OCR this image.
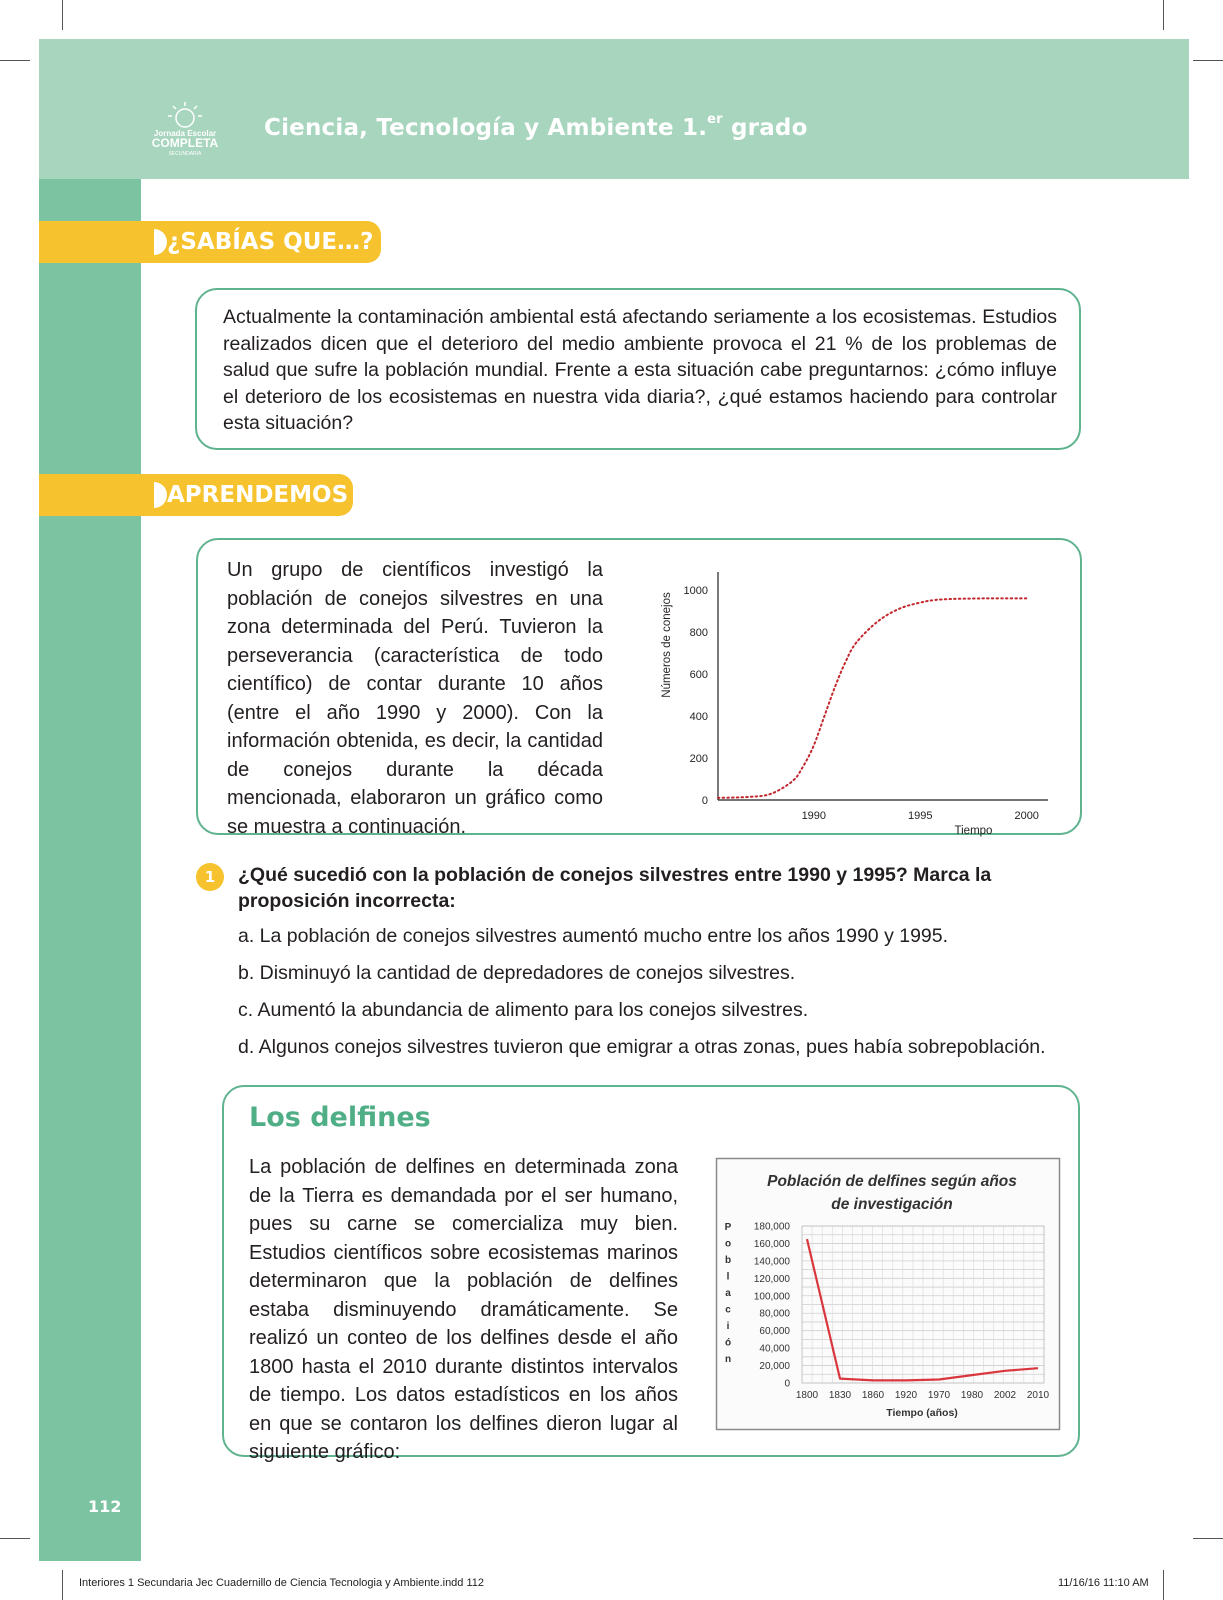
Jornada Escolar
COMPLETA
SECUNDARIA
Ciencia, Tecnología y Ambiente 1.$^{er}$ grado
112
¿SABÍAS QUE…?

Actualmente la contaminación ambiental está afectando seriamente a los ecosistemas. Estudios realizados dicen que el deterioro del medio ambiente provoca el 21 % de los problemas de salud que sufre la población mundial. Frente a esta situación cabe preguntarnos: ¿cómo influye el deterioro de los ecosistemas en nuestra vida diaria?, ¿qué estamos haciendo para controlar esta situación?

APRENDEMOS

Un grupo de científicos investigó la población de conejos silvestres en una zona determinada del Perú. Tuvieron la perseverancia (característica de todo científico) de contar durante 10 años (entre el año 1990 y 2000). Con la información obtenida, es decir, la cantidad de conejos durante la década mencionada, elaboraron un gráfico como se muestra a continuación.

0
200
400
600
800
1000
1990	1995	2000
Tiempo
Números de conejos
1	¿Qué sucedió con la población de conejos silvestres entre 1990 y 1995? Marca la proposición incorrecta:
a. La población de conejos silvestres aumentó mucho entre los años 1990 y 1995.
b. Disminuyó la cantidad de depredadores de conejos silvestres.
c. Aumentó la abundancia de alimento para los conejos silvestres.
d. Algunos conejos silvestres tuvieron que emigrar a otras zonas, pues había sobrepoblación.
Los delfines

La población de delfines en determinada zona de la Tierra es demandada por el ser humano, pues su carne se comercializa muy bien. Estudios científicos sobre ecosistemas marinos determinaron que la población de delfines estaba disminuyendo dramáticamente. Se realizó un conteo de los delfines desde el año 1800 hasta el 2010 durante distintos intervalos de tiempo. Los datos estadísticos en los años en que se contaron los delfines dieron lugar al siguiente gráfico:

Población de delfines según años
de investigación
0
20,000
40,000
60,000
80,000
100,000
120,000
140,000
160,000
180,000
P
o
b
l
a
c
i
ó
n
1800 1830 1860 1920 1970 1980 2002 2010
Tiempo (años)
Interiores 1 Secundaria Jec Cuadernillo de Ciencia Tecnologia y Ambiente.indd 112	11/16/16 11:10 AM
